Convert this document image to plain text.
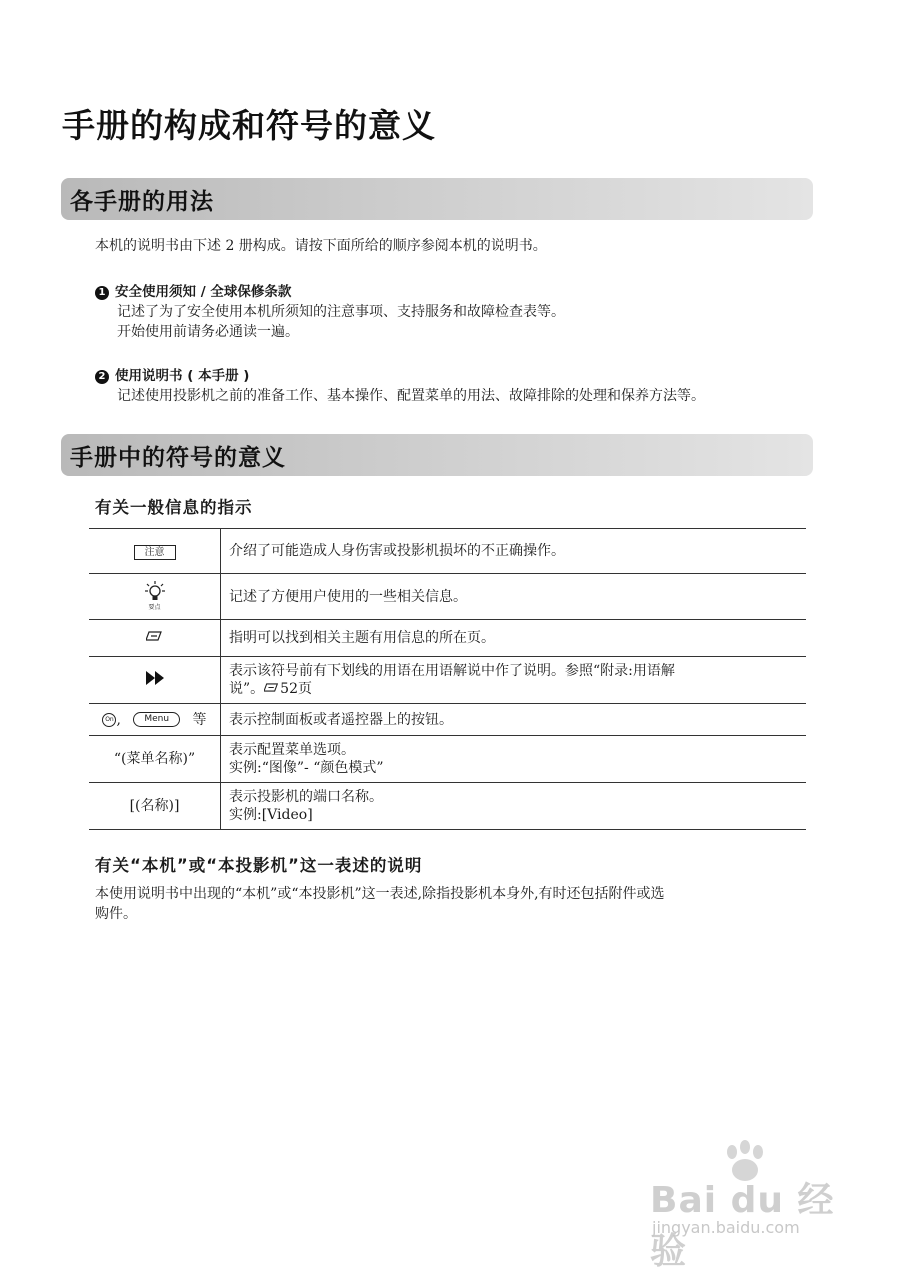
手册的构成和符号的意义
各手册的用法
本机的说明书由下述 2 册构成。请按下面所给的顺序参阅本机的说明书。
1 安全使用须知 / 全球保修条款
记述了为了安全使用本机所须知的注意事项、支持服务和故障检查表等。
开始使用前请务必通读一遍。
2 使用说明书 ( 本手册 )
记述使用投影机之前的准备工作、基本操作、配置菜单的用法、故障排除的处理和保养方法等。
手册中的符号的意义
有关一般信息的指示
注意	介绍了可能造成人身伤害或投影机损坏的不正确操作。

要点	记述了方便用户使用的一些相关信息。

指明可以找到相关主题有用信息的所在页。

表示该符号前有下划线的用语在用语解说中作了说明。参照“附录:用语解
说”。 52页

On , Menu 等	表示控制面板或者遥控器上的按钮。

“(菜单名称)”	表示配置菜单选项。
实例:“图像”- “颜色模式”

[(名称)]	表示投影机的端口名称。
实例:[Video]
有关“本机”或“本投影机”这一表述的说明
本使用说明书中出现的“本机”或“本投影机”这一表述,除指投影机本身外,有时还包括附件或选
购件。
Bai du 经验
jingyan.baidu.com
